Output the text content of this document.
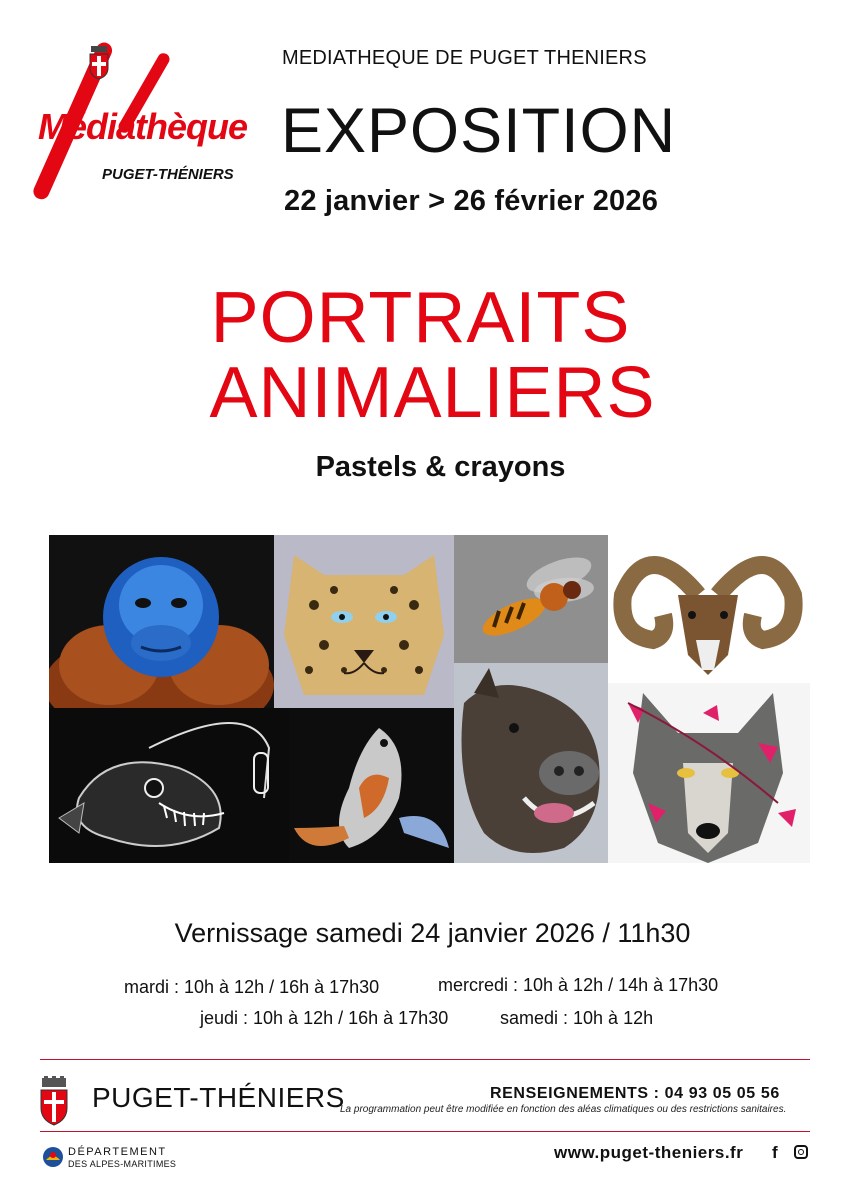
Médiathèque
PUGET-THÉNIERS
MEDIATHEQUE DE PUGET THENIERS
EXPOSITION
22 janvier > 26 février 2026
PORTRAITS
ANIMALIERS
Pastels & crayons
Vernissage samedi 24 janvier 2026 / 11h30
mardi : 10h à 12h / 16h à 17h30	mercredi : 10h à 12h / 14h à 17h30
jeudi : 10h à 12h / 16h à 17h30	samedi : 10h à 12h
PUGET-THÉNIERS	RENSEIGNEMENTS : 04 93 05 05 56
La programmation peut être modifiée en fonction des aléas climatiques ou des restrictions sanitaires.
DÉPARTEMENT
DES ALPES-MARITIMES
www.puget-theniers.fr f
